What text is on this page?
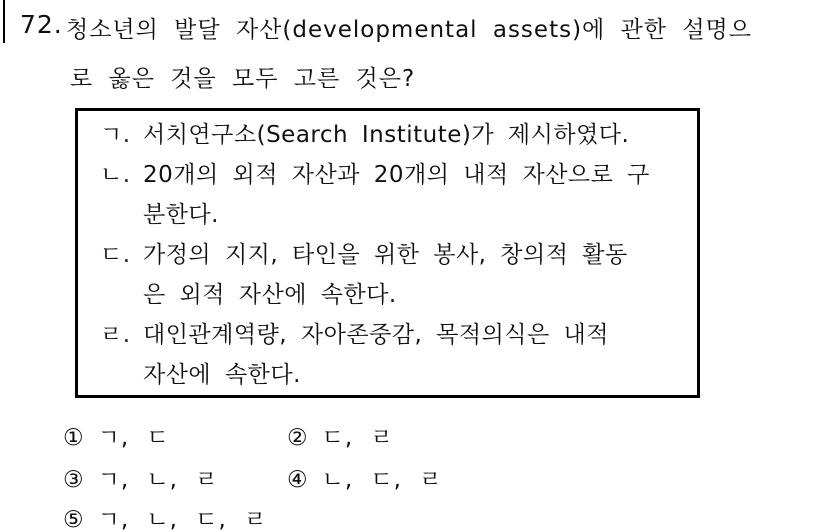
72. 청소년의 발달 자산(developmental assets)에 관한 설명으
로 옳은 것을 모두 고른 것은?
ㄱ. 서치연구소(Search Institute)가 제시하였다.
ㄴ. 20개의 외적 자산과 20개의 내적 자산으로 구
분한다.
ㄷ. 가정의 지지, 타인을 위한 봉사, 창의적 활동
은 외적 자산에 속한다.
ㄹ. 대인관계역량, 자아존중감, 목적의식은 내적
자산에 속한다.
① ㄱ, ㄷ	② ㄷ, ㄹ
③ ㄱ, ㄴ, ㄹ	④ ㄴ, ㄷ, ㄹ
⑤ ㄱ, ㄴ, ㄷ, ㄹ
